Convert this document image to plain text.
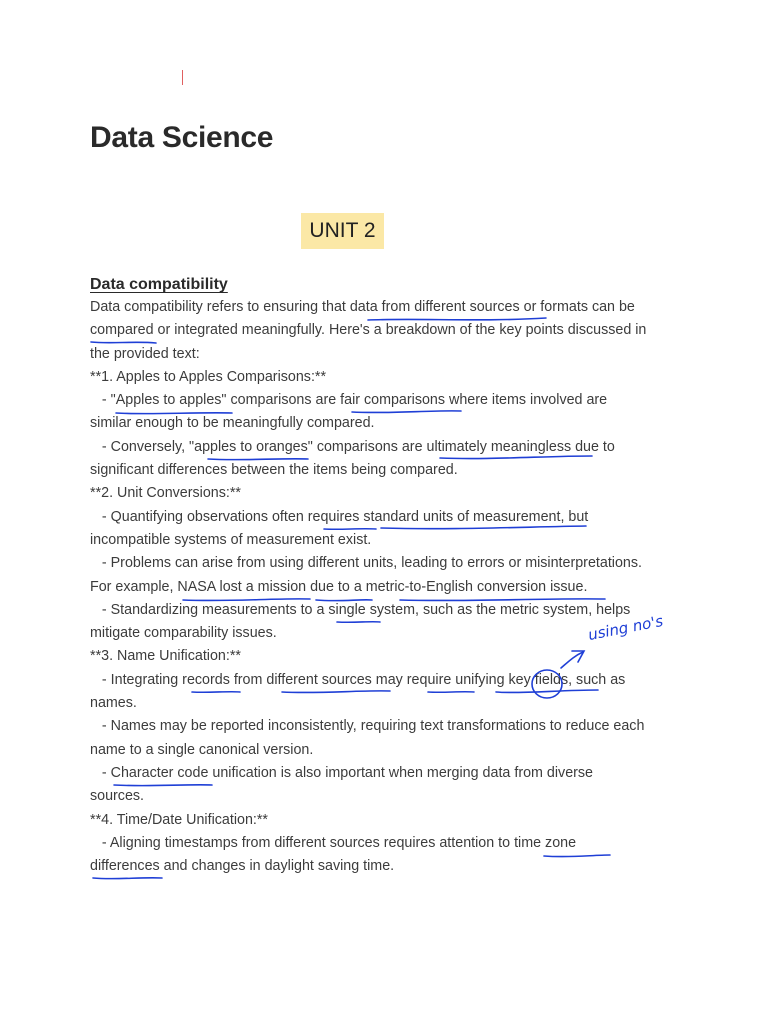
Data Science
UNIT 2
Data compatibility
Data compatibility refers to ensuring that data from different sources or formats can be
compared or integrated meaningfully. Here's a breakdown of the key points discussed in
the provided text:
**1. Apples to Apples Comparisons:**
- "Apples to apples" comparisons are fair comparisons where items involved are
similar enough to be meaningfully compared.
- Conversely, "apples to oranges" comparisons are ultimately meaningless due to
significant differences between the items being compared.
**2. Unit Conversions:**
- Quantifying observations often requires standard units of measurement, but
incompatible systems of measurement exist.
- Problems can arise from using different units, leading to errors or misinterpretations.
For example, NASA lost a mission due to a metric-to-English conversion issue.
- Standardizing measurements to a single system, such as the metric system, helps
mitigate comparability issues.
**3. Name Unification:**
- Integrating records from different sources may require unifying key fields, such as
names.
- Names may be reported inconsistently, requiring text transformations to reduce each
name to a single canonical version.
- Character code unification is also important when merging data from diverse
sources.
**4. Time/Date Unification:**
- Aligning timestamps from different sources requires attention to time zone
differences and changes in daylight saving time.
using no's
